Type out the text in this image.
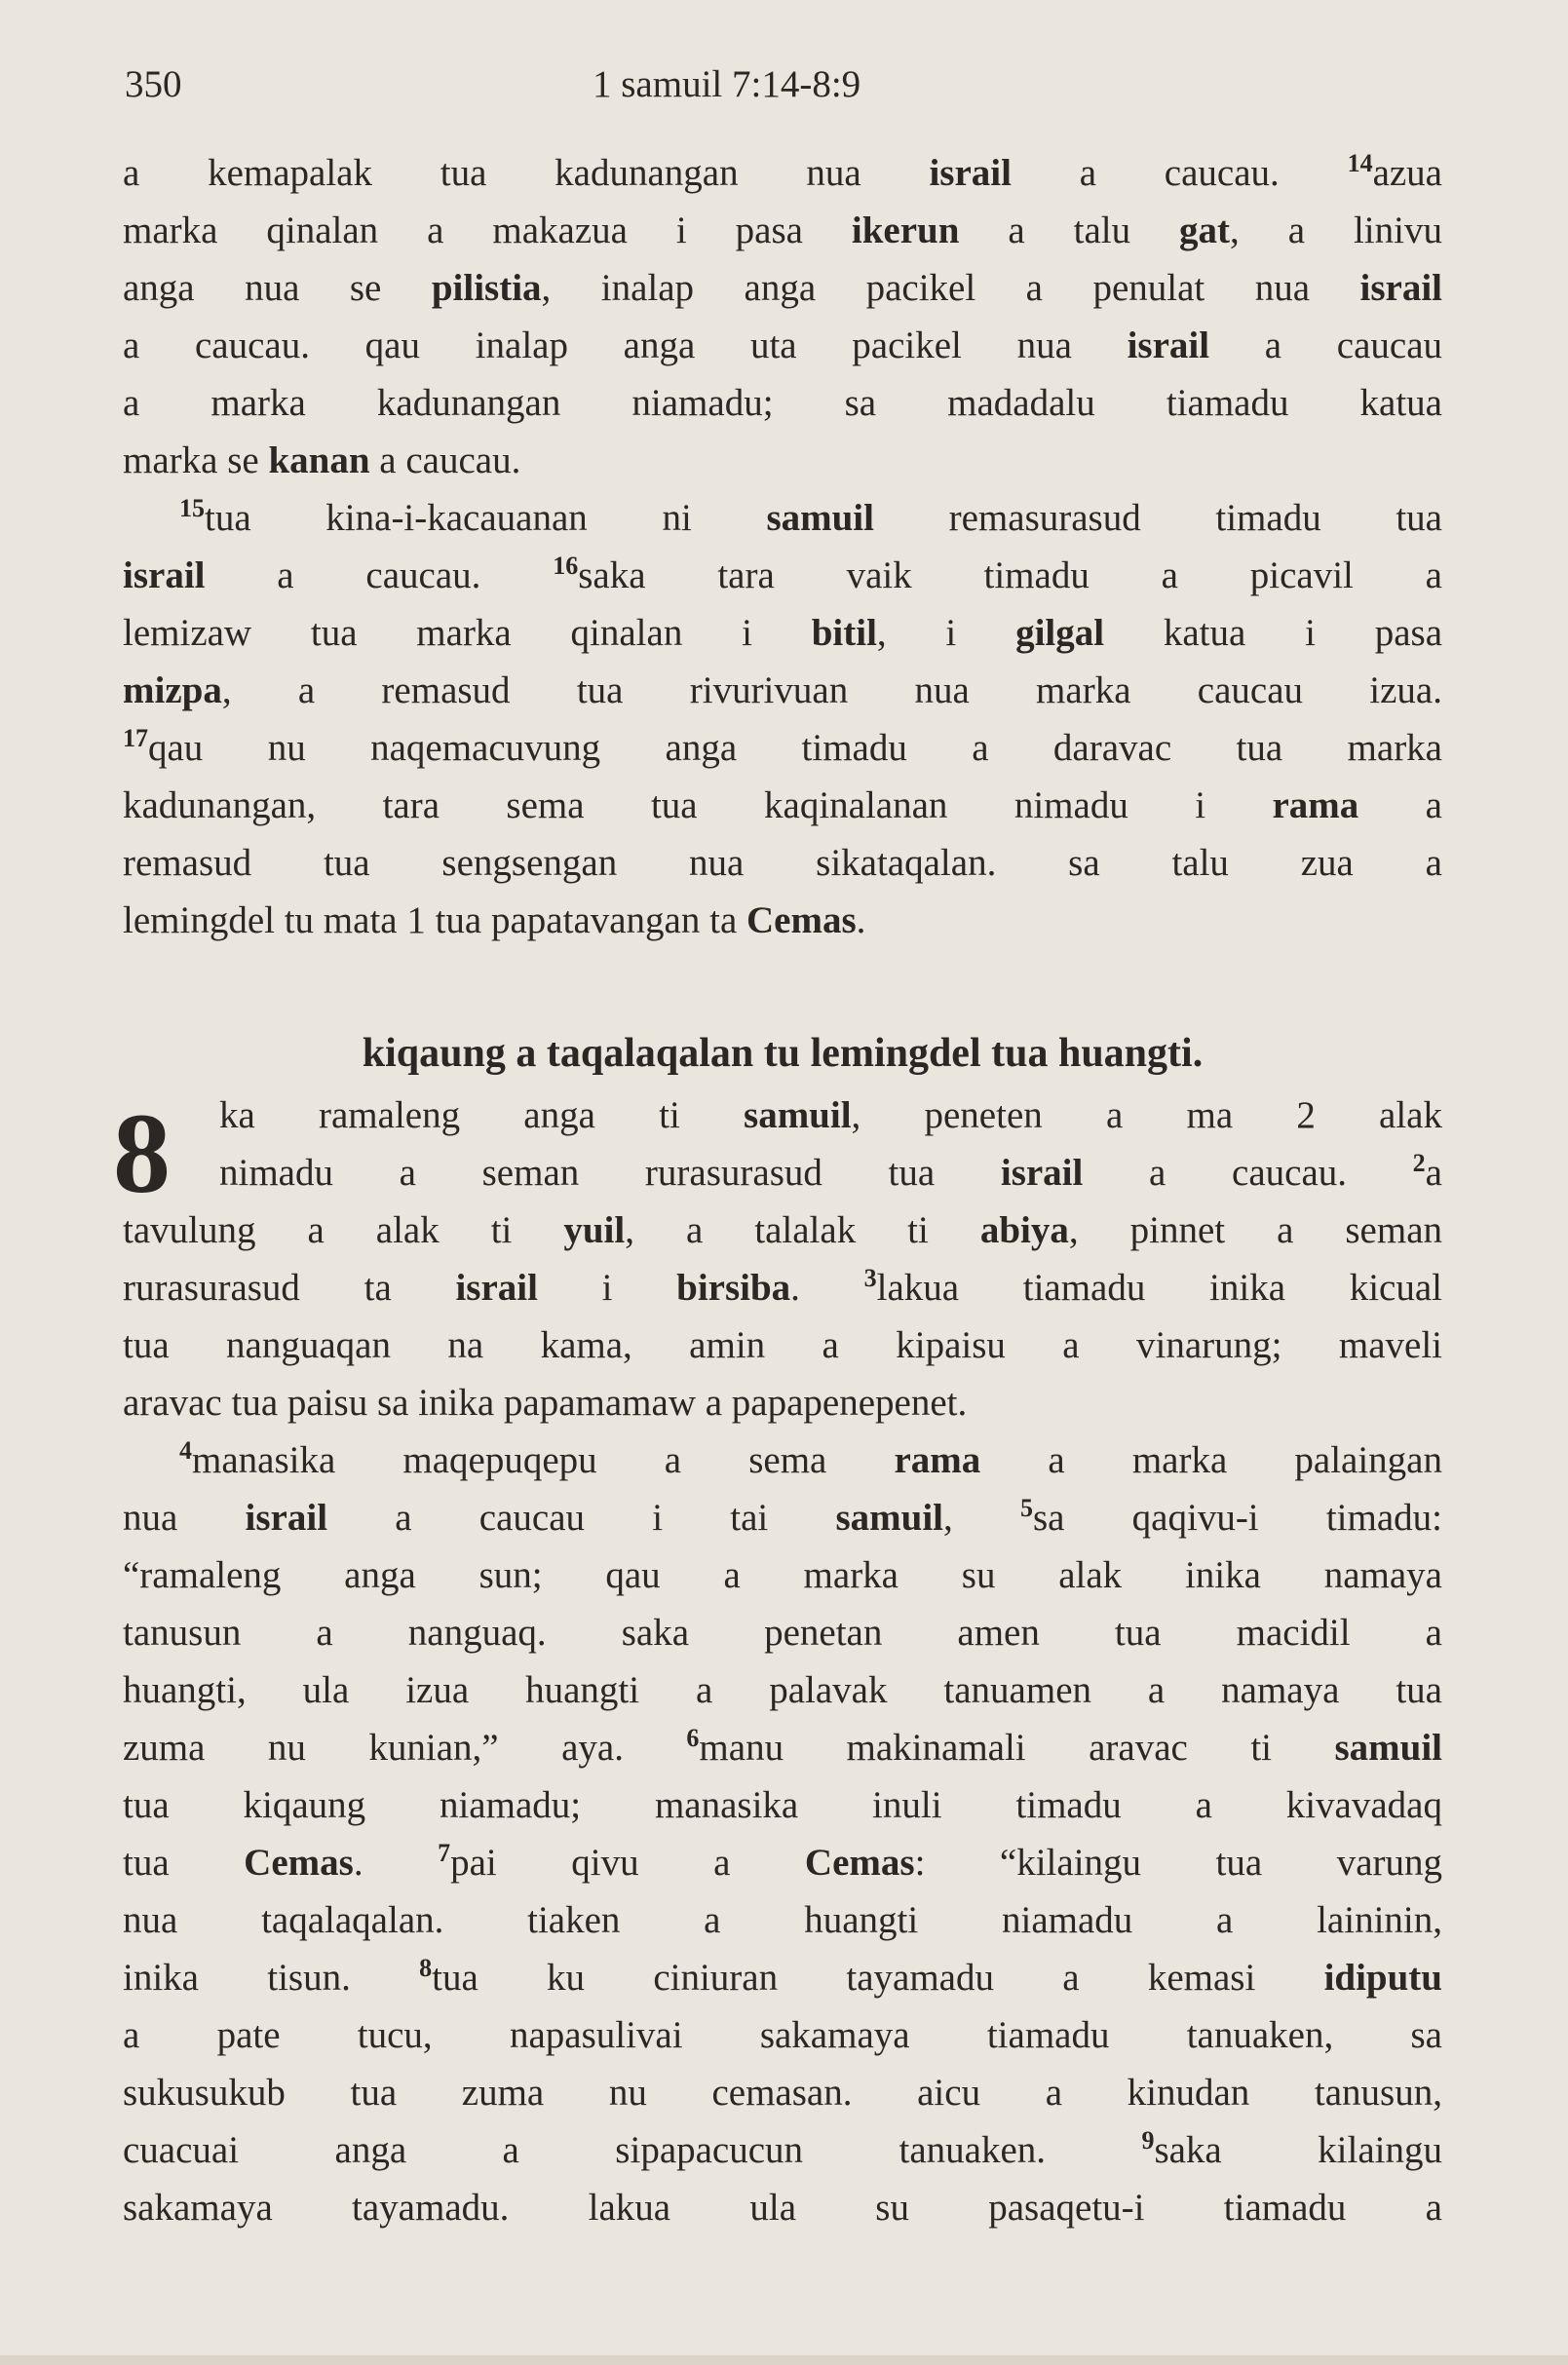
350	1 samuil 7:14-8:9
a kemapalak tua kadunangan nua israil a caucau. $^{14}$azua
marka qinalan a makazua i pasa ikerun a talu gat, a linivu
anga nua se pilistia, inalap anga pacikel a penulat nua israil
a caucau. qau inalap anga uta pacikel nua israil a caucau
a marka kadunangan niamadu; sa madadalu tiamadu katua
marka se kanan a caucau.
$^{15}$tua kina-i-kacauanan ni samuil remasurasud timadu tua
israil a caucau. $^{16}$saka tara vaik timadu a picavil a
lemizaw tua marka qinalan i bitil, i gilgal katua i pasa
mizpa, a remasud tua rivurivuan nua marka caucau izua.
$^{17}$qau nu naqemacuvung anga timadu a daravac tua marka
kadunangan, tara sema tua kaqinalanan nimadu i rama a
remasud tua sengsengan nua sikataqalan. sa talu zua a
lemingdel tu mata 1 tua papatavangan ta Cemas.
kiqaung a taqalaqalan tu lemingdel tua huangti.
8 ka ramaleng anga ti samuil, peneten a ma 2 alak
nimadu a seman rurasurasud tua israil a caucau. $^2$a
tavulung a alak ti yuil, a talalak ti abiya, pinnet a seman
rurasurasud ta israil i birsiba. $^3$lakua tiamadu inika kicual
tua nanguaqan na kama, amin a kipaisu a vinarung; maveli
aravac tua paisu sa inika papamamaw a papapenepenet.
$^4$manasika maqepuqepu a sema rama a marka palaingan
nua israil a caucau i tai samuil, $^5$sa qaqivu-i timadu:
“ramaleng anga sun; qau a marka su alak inika namaya
tanusun a nanguaq. saka penetan amen tua macidil a
huangti, ula izua huangti a palavak tanuamen a namaya tua
zuma nu kunian,” aya. $^6$manu makinamali aravac ti samuil
tua kiqaung niamadu; manasika inuli timadu a kivavadaq
tua Cemas. $^7$pai qivu a Cemas: “kilaingu tua varung
nua taqalaqalan. tiaken a huangti niamadu a laininin,
inika tisun. $^8$tua ku ciniuran tayamadu a kemasi idiputu
a pate tucu, napasulivai sakamaya tiamadu tanuaken, sa
sukusukub tua zuma nu cemasan. aicu a kinudan tanusun,
cuacuai anga a sipapacucun tanuaken. $^9$saka kilaingu
sakamaya tayamadu. lakua ula su pasaqetu-i tiamadu a
